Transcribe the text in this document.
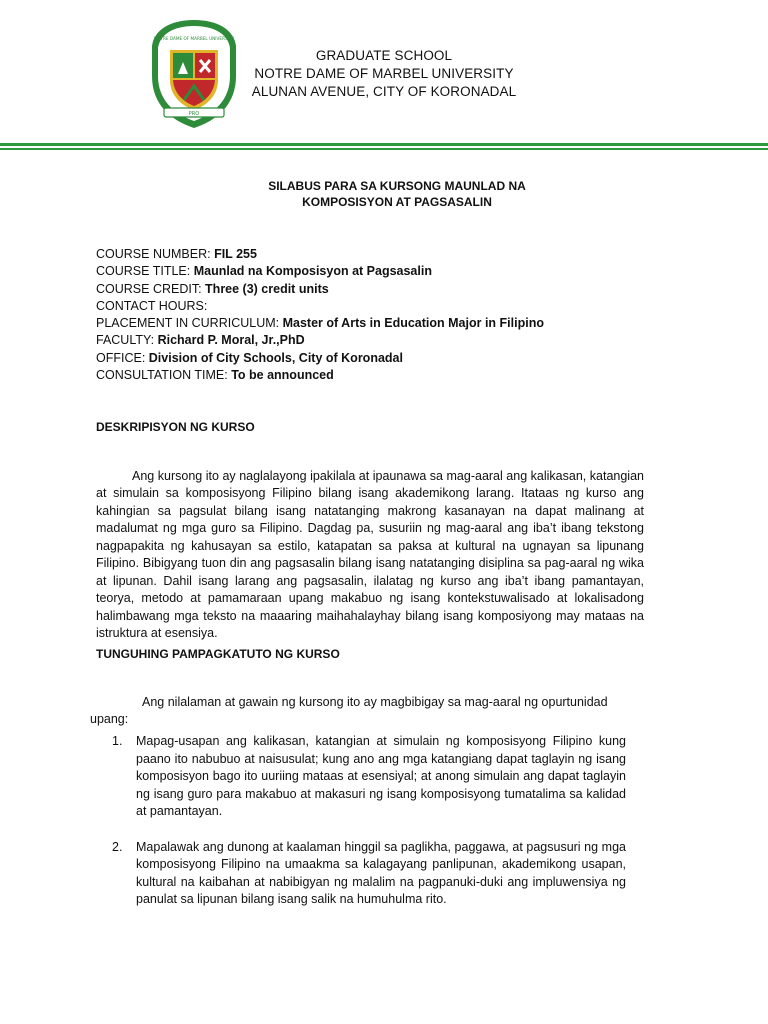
PRO
NOTRE DAME OF MARBEL UNIVERSITY
GRADUATE SCHOOL
NOTRE DAME OF MARBEL UNIVERSITY
ALUNAN AVENUE, CITY OF KORONADAL
SILABUS PARA SA KURSONG MAUNLAD NA
KOMPOSISYON AT PAGSASALIN
COURSE NUMBER: FIL 255
COURSE TITLE: Maunlad na Komposisyon at Pagsasalin
COURSE CREDIT: Three (3) credit units
CONTACT HOURS:
PLACEMENT IN CURRICULUM: Master of Arts in Education Major in Filipino
FACULTY: Richard P. Moral, Jr.,PhD
OFFICE: Division of City Schools, City of Koronadal
CONSULTATION TIME: To be announced
DESKRIPISYON NG KURSO

Ang kursong ito ay naglalayong ipakilala at ipaunawa sa mag-aaral ang kalikasan, katangian at simulain sa komposisyong Filipino bilang isang akademikong larang. Itataas ng kurso ang kahingian sa pagsulat bilang isang natatanging makrong kasanayan na dapat malinang at madalumat ng mga guro sa Filipino. Dagdag pa, susuriin ng mag-aaral ang iba’t ibang tekstong nagpapakita ng kahusayan sa estilo, katapatan sa paksa at kultural na ugnayan sa lipunang Filipino. Bibigyang tuon din ang pagsasalin bilang isang natatanging disiplina sa pag-aaral ng wika at lipunan. Dahil isang larang ang pagsasalin, ilalatag ng kurso ang iba’t ibang pamantayan, teorya, metodo at pamamaraan upang makabuo ng isang kontekstuwalisado at lokalisadong halimbawang mga teksto na maaaring maihahalayhay bilang isang komposiyong may mataas na istruktura at esensiya.

TUNGUHING PAMPAGKATUTO NG KURSO

Ang nilalaman at gawain ng kursong ito ay magbibigay sa mag-aaral ng opurtunidad upang:

1. Mapag-usapan ang kalikasan, katangian at simulain ng komposisyong Filipino kung paano ito nabubuo at naisusulat; kung ano ang mga katangiang dapat taglayin ng isang komposisyon bago ito uuriing mataas at esensiyal; at anong simulain ang dapat taglayin ng isang guro para makabuo at makasuri ng isang komposisyong tumatalima sa kalidad at pamantayan.
2. Mapalawak ang dunong at kaalaman hinggil sa paglikha, paggawa, at pagsusuri ng mga komposisyong Filipino na umaakma sa kalagayang panlipunan, akademikong usapan, kultural na kaibahan at nabibigyan ng malalim na pagpanuki-duki ang impluwensiya ng panulat sa lipunan bilang isang salik na humuhulma rito.
